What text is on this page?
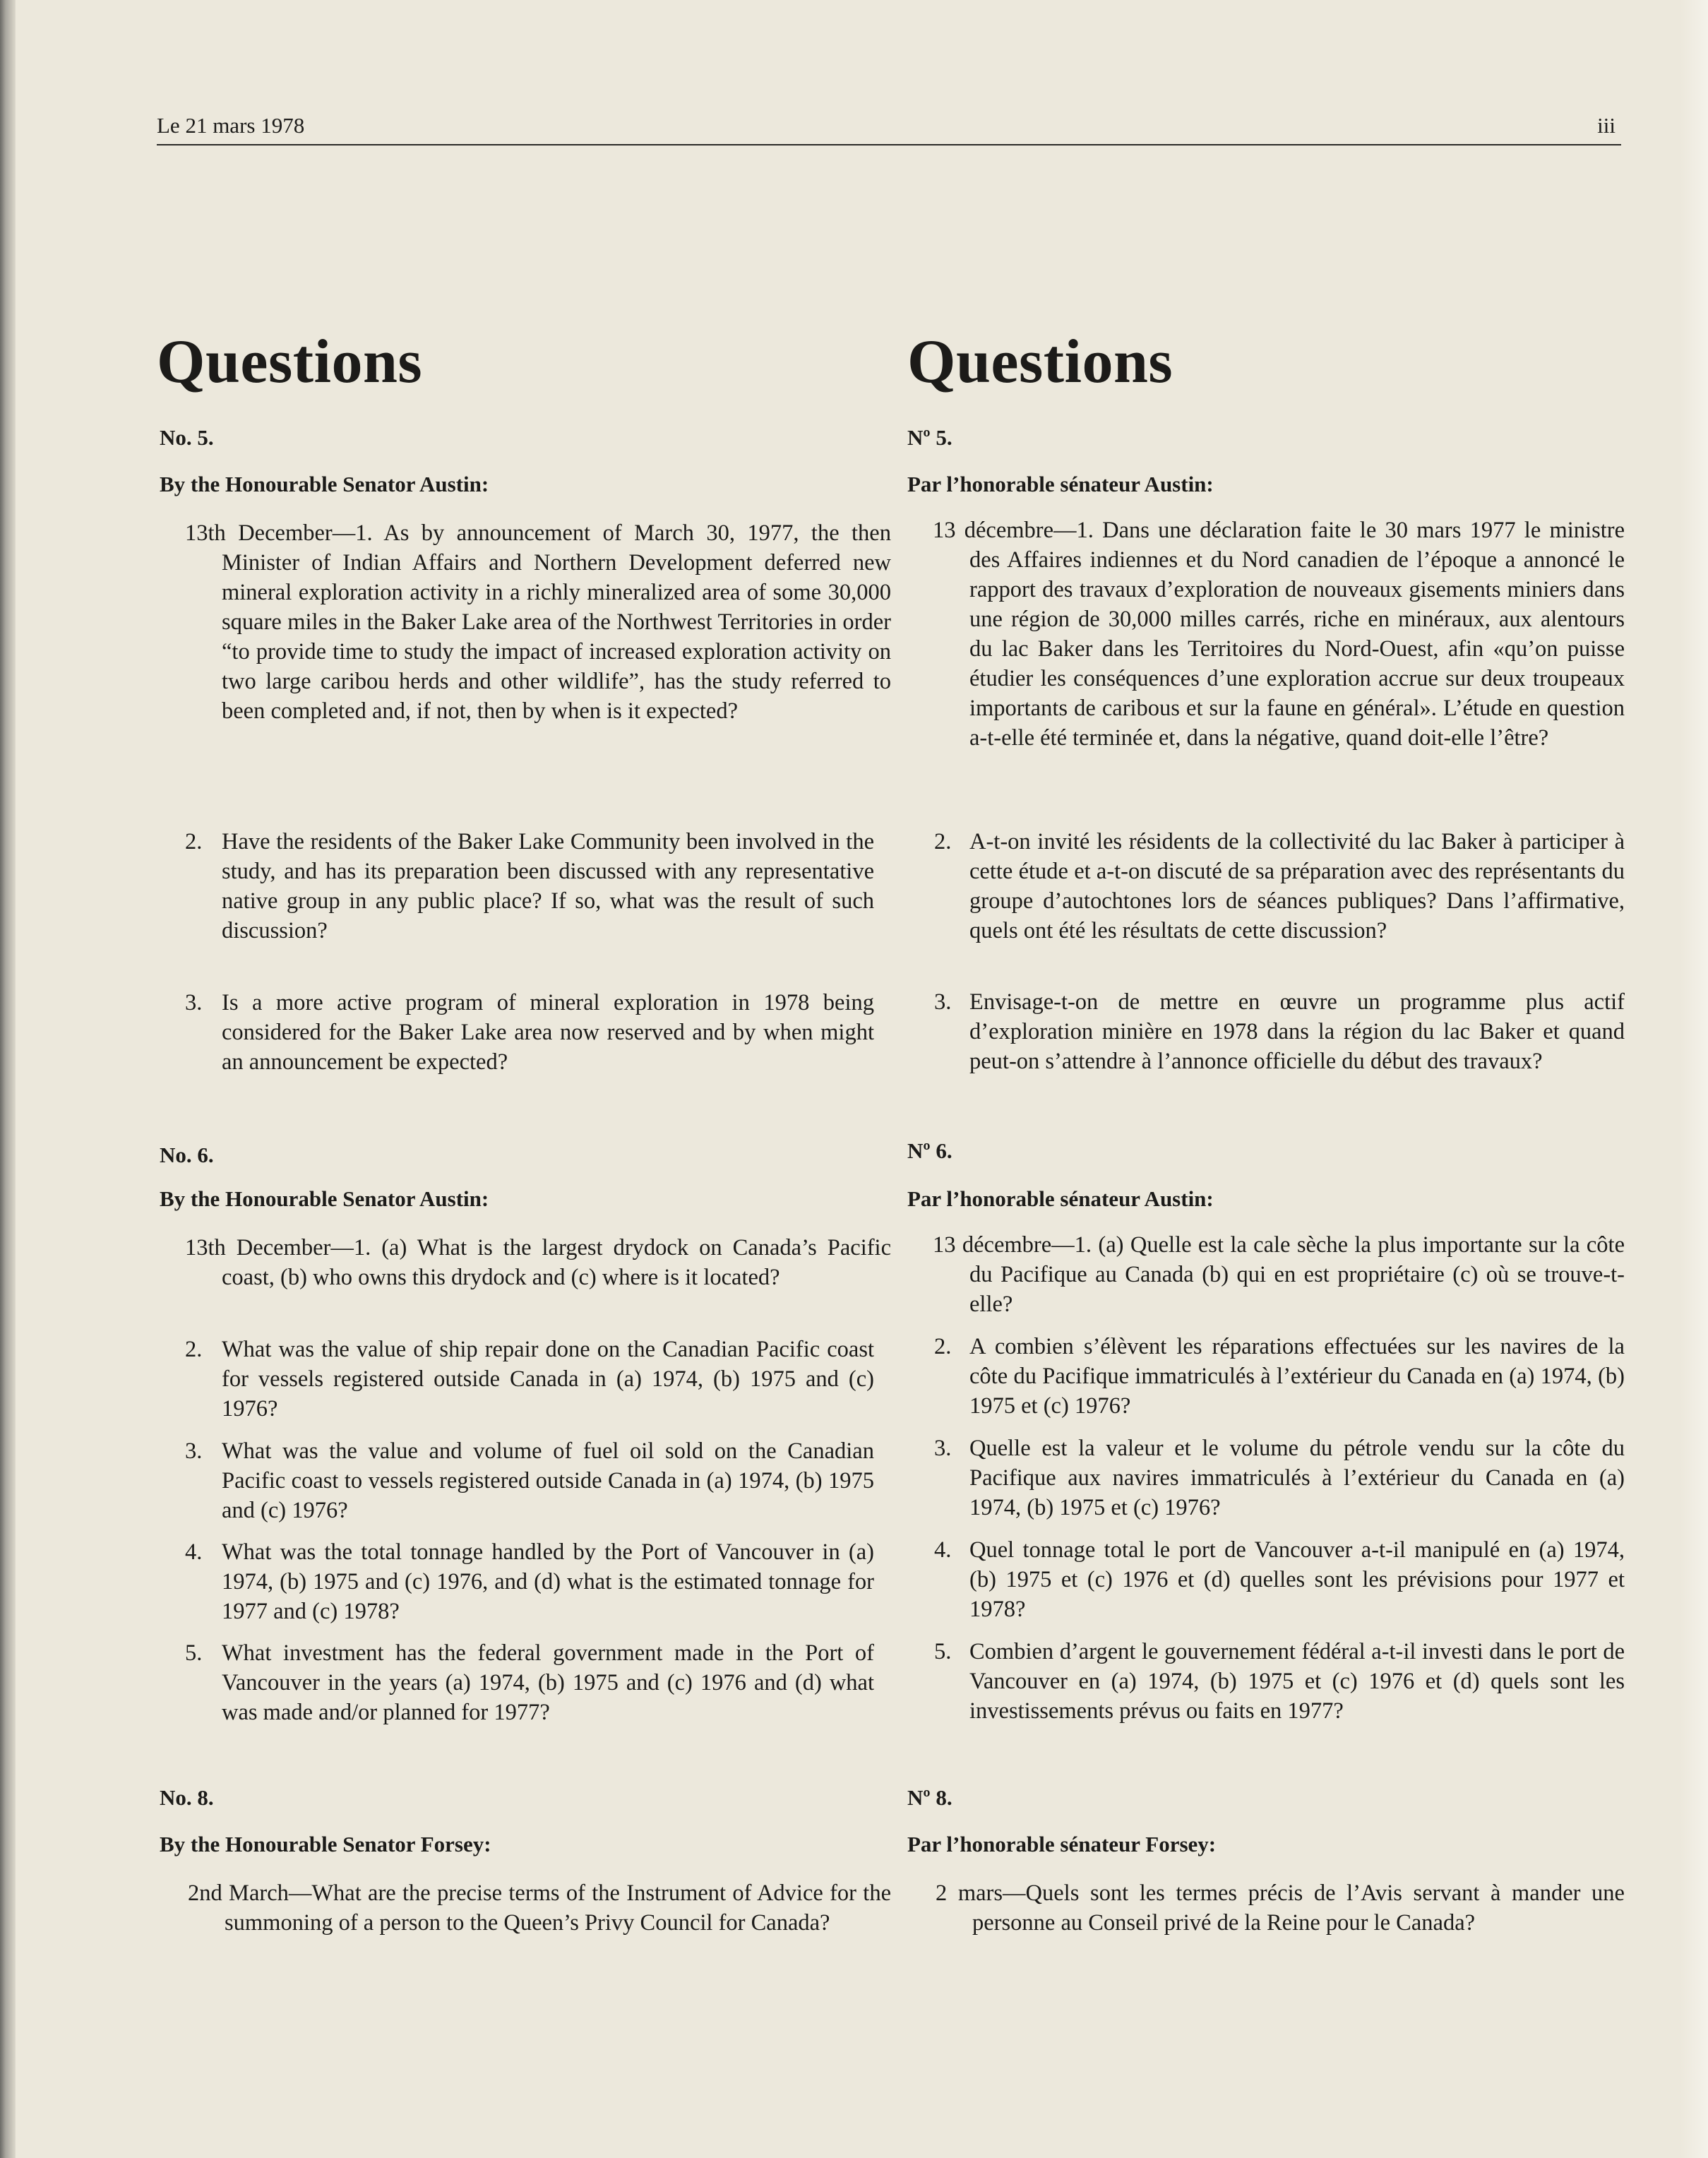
Le 21 mars 1978	iii
Questions
No. 5.
By the Honourable Senator Austin:
13th December—1. As by announcement of March 30, 1977, the then Minister of Indian Affairs and Northern Development deferred new mineral exploration activity in a richly mineralized area of some 30,000 square miles in the Baker Lake area of the Northwest Territories in order “to provide time to study the impact of increased exploration activity on two large caribou herds and other wildlife”, has the study referred to been completed and, if not, then by when is it expected?
2. Have the residents of the Baker Lake Community been involved in the study, and has its preparation been discussed with any representative native group in any public place? If so, what was the result of such discussion?
3. Is a more active program of mineral exploration in 1978 being considered for the Baker Lake area now reserved and by when might an announcement be expected?
No. 6.
By the Honourable Senator Austin:
13th December—1. (a) What is the largest drydock on Canada’s Pacific coast, (b) who owns this drydock and (c) where is it located?
2. What was the value of ship repair done on the Canadian Pacific coast for vessels registered outside Canada in (a) 1974, (b) 1975 and (c) 1976?
3. What was the value and volume of fuel oil sold on the Canadian Pacific coast to vessels registered outside Canada in (a) 1974, (b) 1975 and (c) 1976?
4. What was the total tonnage handled by the Port of Vancouver in (a) 1974, (b) 1975 and (c) 1976, and (d) what is the estimated tonnage for 1977 and (c) 1978?
5. What investment has the federal government made in the Port of Vancouver in the years (a) 1974, (b) 1975 and (c) 1976 and (d) what was made and/or planned for 1977?
No. 8.
By the Honourable Senator Forsey:
2nd March—What are the precise terms of the Instrument of Advice for the summoning of a person to the Queen’s Privy Council for Canada?
Questions
Nº 5.
Par l’honorable sénateur Austin:
13 décembre—1. Dans une déclaration faite le 30 mars 1977 le ministre des Affaires indiennes et du Nord canadien de l’époque a annoncé le rapport des travaux d’exploration de nouveaux gisements miniers dans une région de 30,000 milles carrés, riche en minéraux, aux alentours du lac Baker dans les Territoires du Nord-Ouest, afin «qu’on puisse étudier les conséquences d’une exploration accrue sur deux troupeaux importants de caribous et sur la faune en général». L’étude en question a-t-elle été terminée et, dans la négative, quand doit-elle l’être?
2. A-t-on invité les résidents de la collectivité du lac Baker à participer à cette étude et a-t-on discuté de sa préparation avec des représentants du groupe d’autochtones lors de séances publiques? Dans l’affirmative, quels ont été les résultats de cette discussion?
3. Envisage-t-on de mettre en œuvre un programme plus actif d’exploration minière en 1978 dans la région du lac Baker et quand peut-on s’attendre à l’annonce officielle du début des travaux?
Nº 6.
Par l’honorable sénateur Austin:
13 décembre—1. (a) Quelle est la cale sèche la plus importante sur la côte du Pacifique au Canada (b) qui en est propriétaire (c) où se trouve-t-elle?
2. A combien s’élèvent les réparations effectuées sur les navires de la côte du Pacifique immatriculés à l’extérieur du Canada en (a) 1974, (b) 1975 et (c) 1976?
3. Quelle est la valeur et le volume du pétrole vendu sur la côte du Pacifique aux navires immatriculés à l’extérieur du Canada en (a) 1974, (b) 1975 et (c) 1976?
4. Quel tonnage total le port de Vancouver a-t-il manipulé en (a) 1974, (b) 1975 et (c) 1976 et (d) quelles sont les prévisions pour 1977 et 1978?
5. Combien d’argent le gouvernement fédéral a-t-il investi dans le port de Vancouver en (a) 1974, (b) 1975 et (c) 1976 et (d) quels sont les investissements prévus ou faits en 1977?
Nº 8.
Par l’honorable sénateur Forsey:
2 mars—Quels sont les termes précis de l’Avis servant à mander une personne au Conseil privé de la Reine pour le Canada?
